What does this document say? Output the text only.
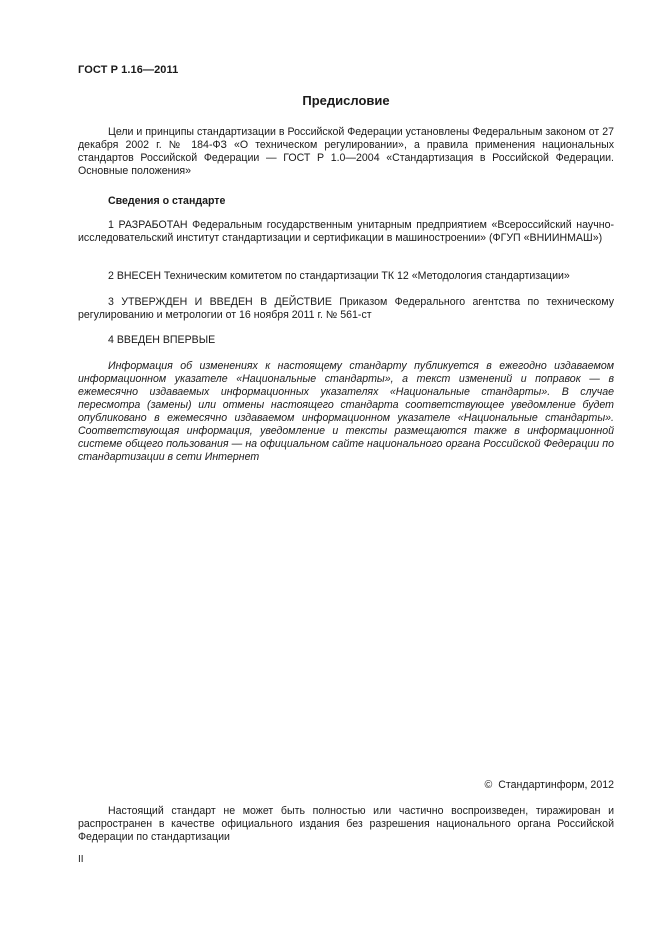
ГОСТ Р 1.16—2011
Предисловие

Цели и принципы стандартизации в Российской Федерации установлены Федеральным законом от 27 декабря 2002 г. № 184-ФЗ «О техническом регулировании», а правила применения национальных стандартов Российской Федерации — ГОСТ Р 1.0—2004 «Стандартизация в Российской Федерации. Основные положения»

Сведения о стандарте

1 РАЗРАБОТАН Федеральным государственным унитарным предприятием «Всероссийский научно-исследовательский институт стандартизации и сертификации в машиностроении» (ФГУП «ВНИИНМАШ»)

2 ВНЕСЕН Техническим комитетом по стандартизации ТК 12 «Методология стандартизации»

3 УТВЕРЖДЕН И ВВЕДЕН В ДЕЙСТВИЕ Приказом Федерального агентства по техническому регулированию и метрологии от 16 ноября 2011 г. № 561-ст

4 ВВЕДЕН ВПЕРВЫЕ

Информация об изменениях к настоящему стандарту публикуется в ежегодно издаваемом информационном указателе «Национальные стандарты», а текст изменений и поправок — в ежемесячно издаваемых информационных указателях «Национальные стандарты». В случае пересмотра (замены) или отмены настоящего стандарта соответствующее уведомление будет опубликовано в ежемесячно издаваемом информационном указателе «Национальные стандарты». Соответствующая информация, уведомление и тексты размещаются также в информационной системе общего пользования — на официальном сайте национального органа Российской Федерации по стандартизации в сети Интернет

© Стандартинформ, 2012

Настоящий стандарт не может быть полностью или частично воспроизведен, тиражирован и распространен в качестве официального издания без разрешения национального органа Российской Федерации по стандартизации

II
